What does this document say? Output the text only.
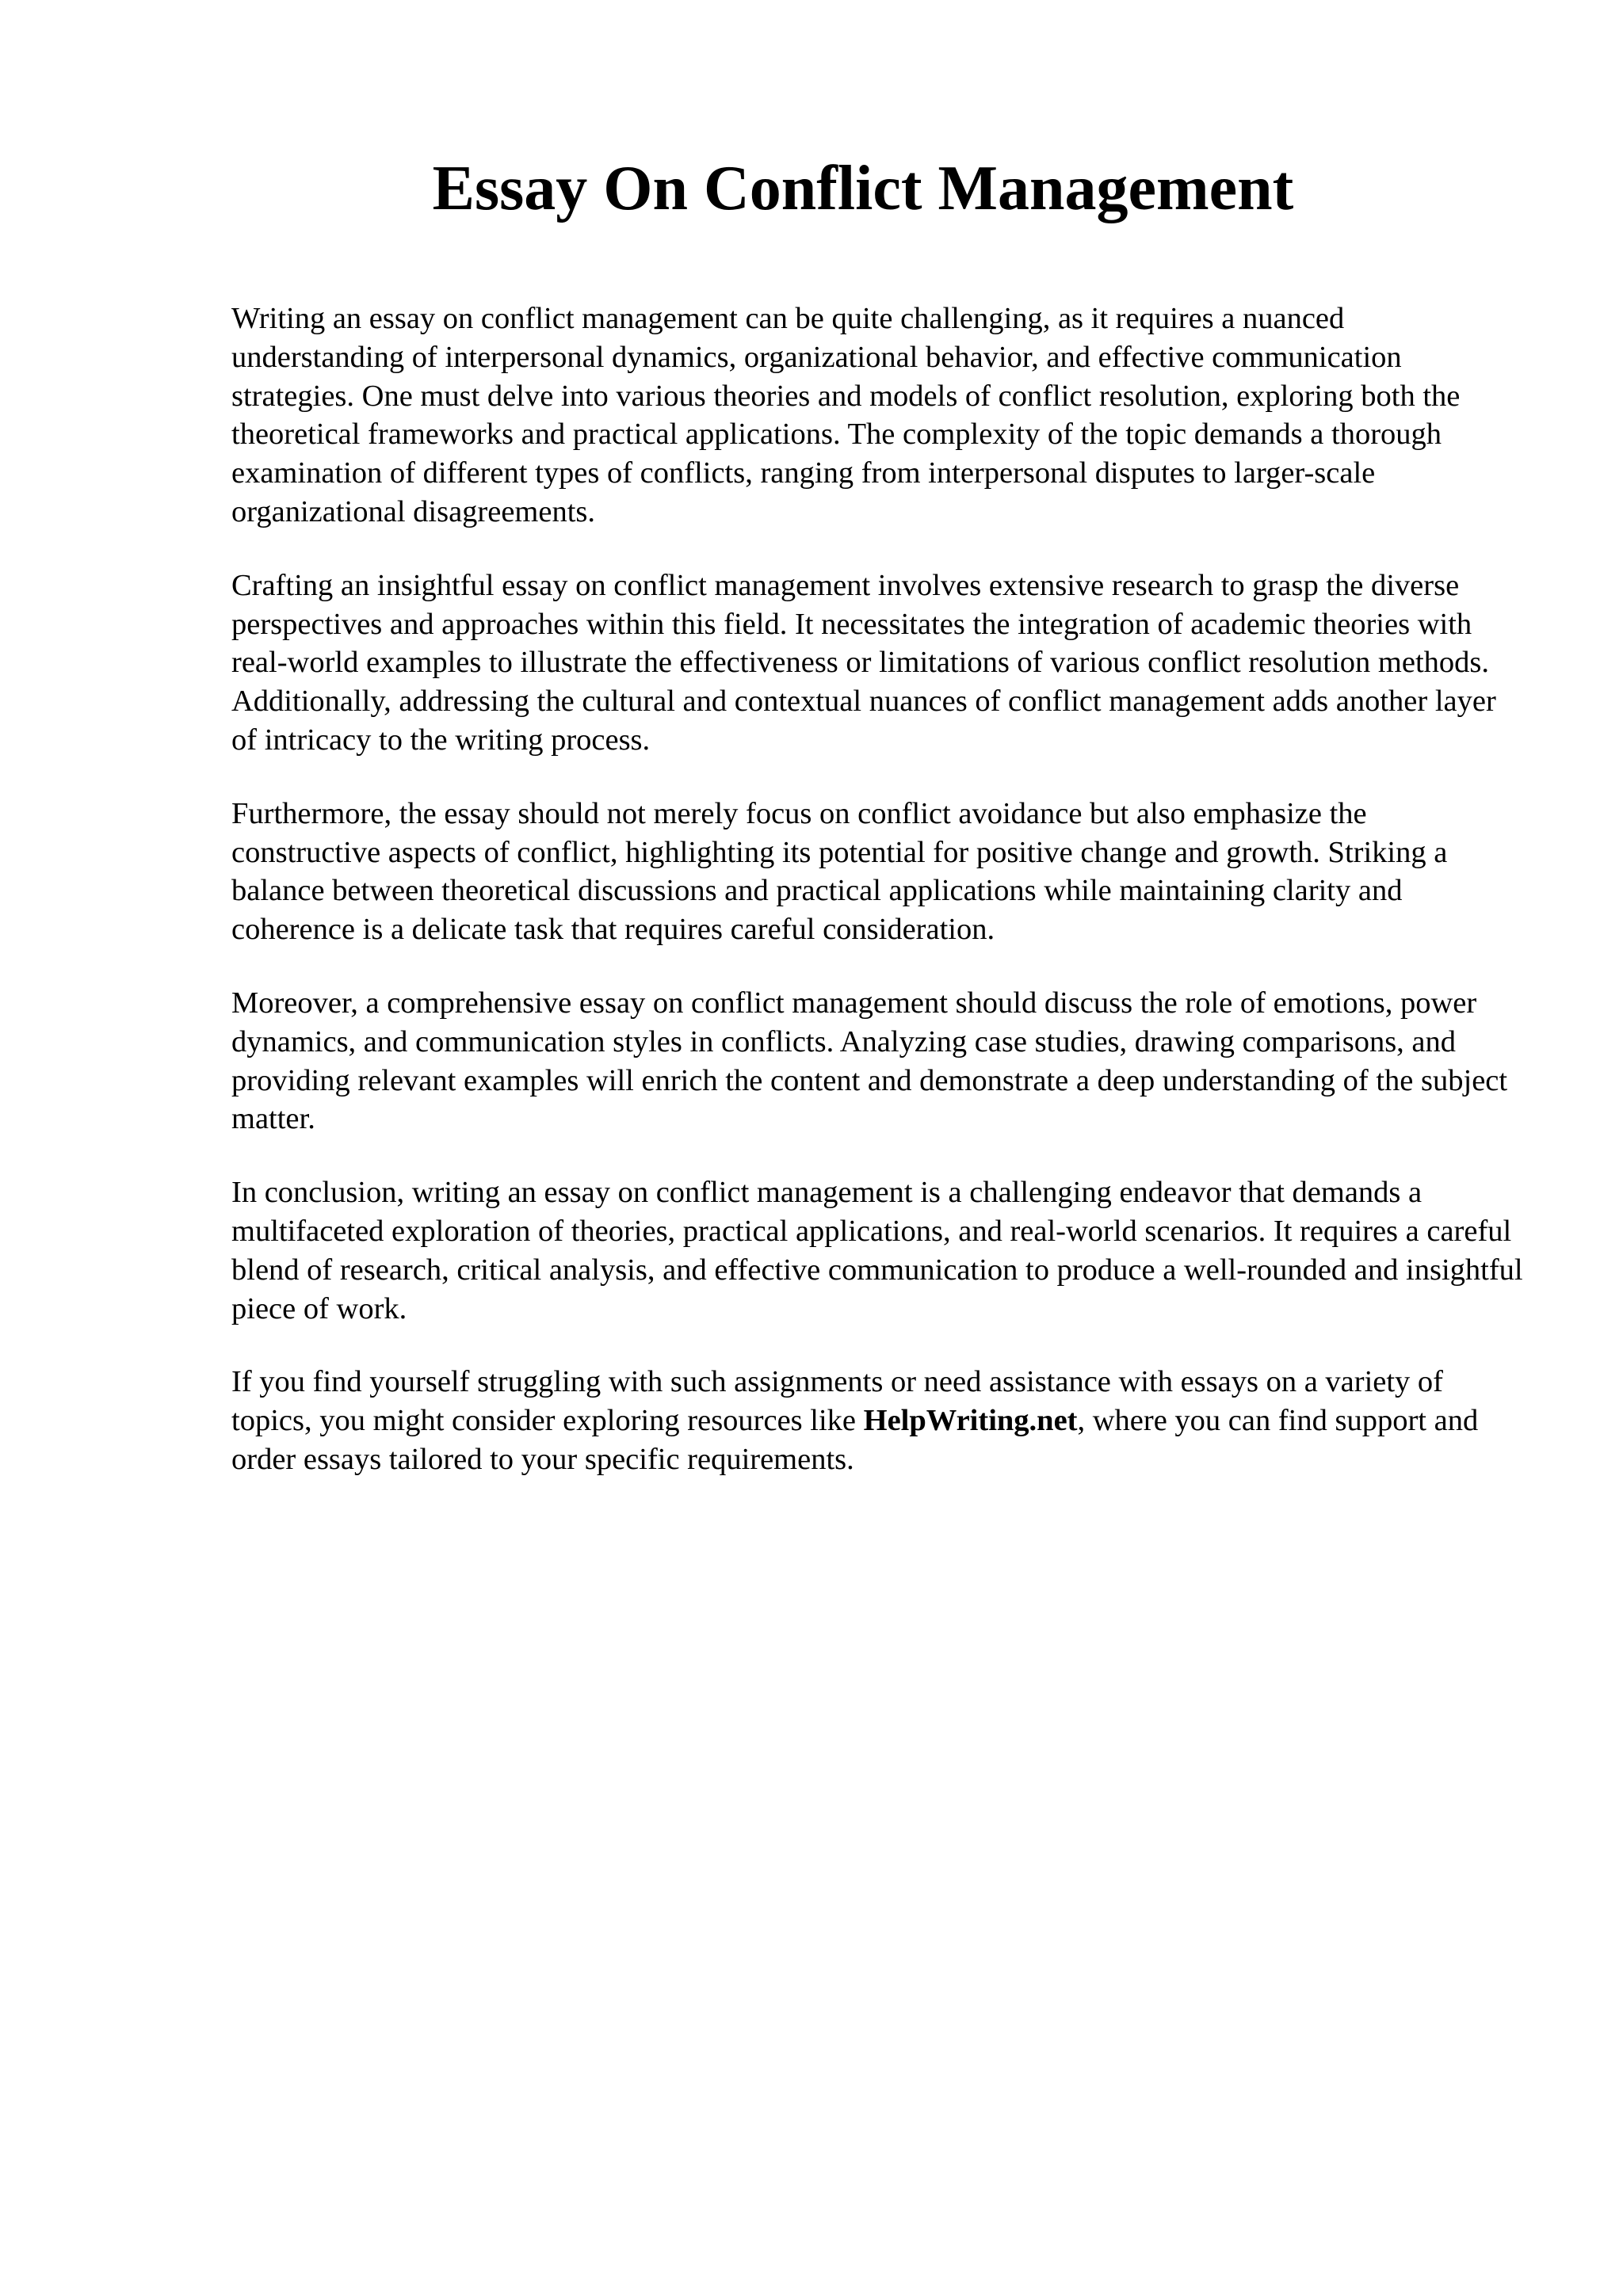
Essay On Conflict Management

Writing an essay on conflict management can be quite challenging, as it requires a nuanced understanding of interpersonal dynamics, organizational behavior, and effective communication strategies. One must delve into various theories and models of conflict resolution, exploring both the theoretical frameworks and practical applications. The complexity of the topic demands a thorough examination of different types of conflicts, ranging from interpersonal disputes to larger-scale organizational disagreements.

Crafting an insightful essay on conflict management involves extensive research to grasp the diverse perspectives and approaches within this field. It necessitates the integration of academic theories with real-world examples to illustrate the effectiveness or limitations of various conflict resolution methods. Additionally, addressing the cultural and contextual nuances of conflict management adds another layer of intricacy to the writing process.

Furthermore, the essay should not merely focus on conflict avoidance but also emphasize the constructive aspects of conflict, highlighting its potential for positive change and growth. Striking a balance between theoretical discussions and practical applications while maintaining clarity and coherence is a delicate task that requires careful consideration.

Moreover, a comprehensive essay on conflict management should discuss the role of emotions, power dynamics, and communication styles in conflicts. Analyzing case studies, drawing comparisons, and providing relevant examples will enrich the content and demonstrate a deep understanding of the subject matter.

In conclusion, writing an essay on conflict management is a challenging endeavor that demands a multifaceted exploration of theories, practical applications, and real-world scenarios. It requires a careful blend of research, critical analysis, and effective communication to produce a well-rounded and insightful piece of work.

If you find yourself struggling with such assignments or need assistance with essays on a variety of topics, you might consider exploring resources like HelpWriting.net, where you can find support and order essays tailored to your specific requirements.
